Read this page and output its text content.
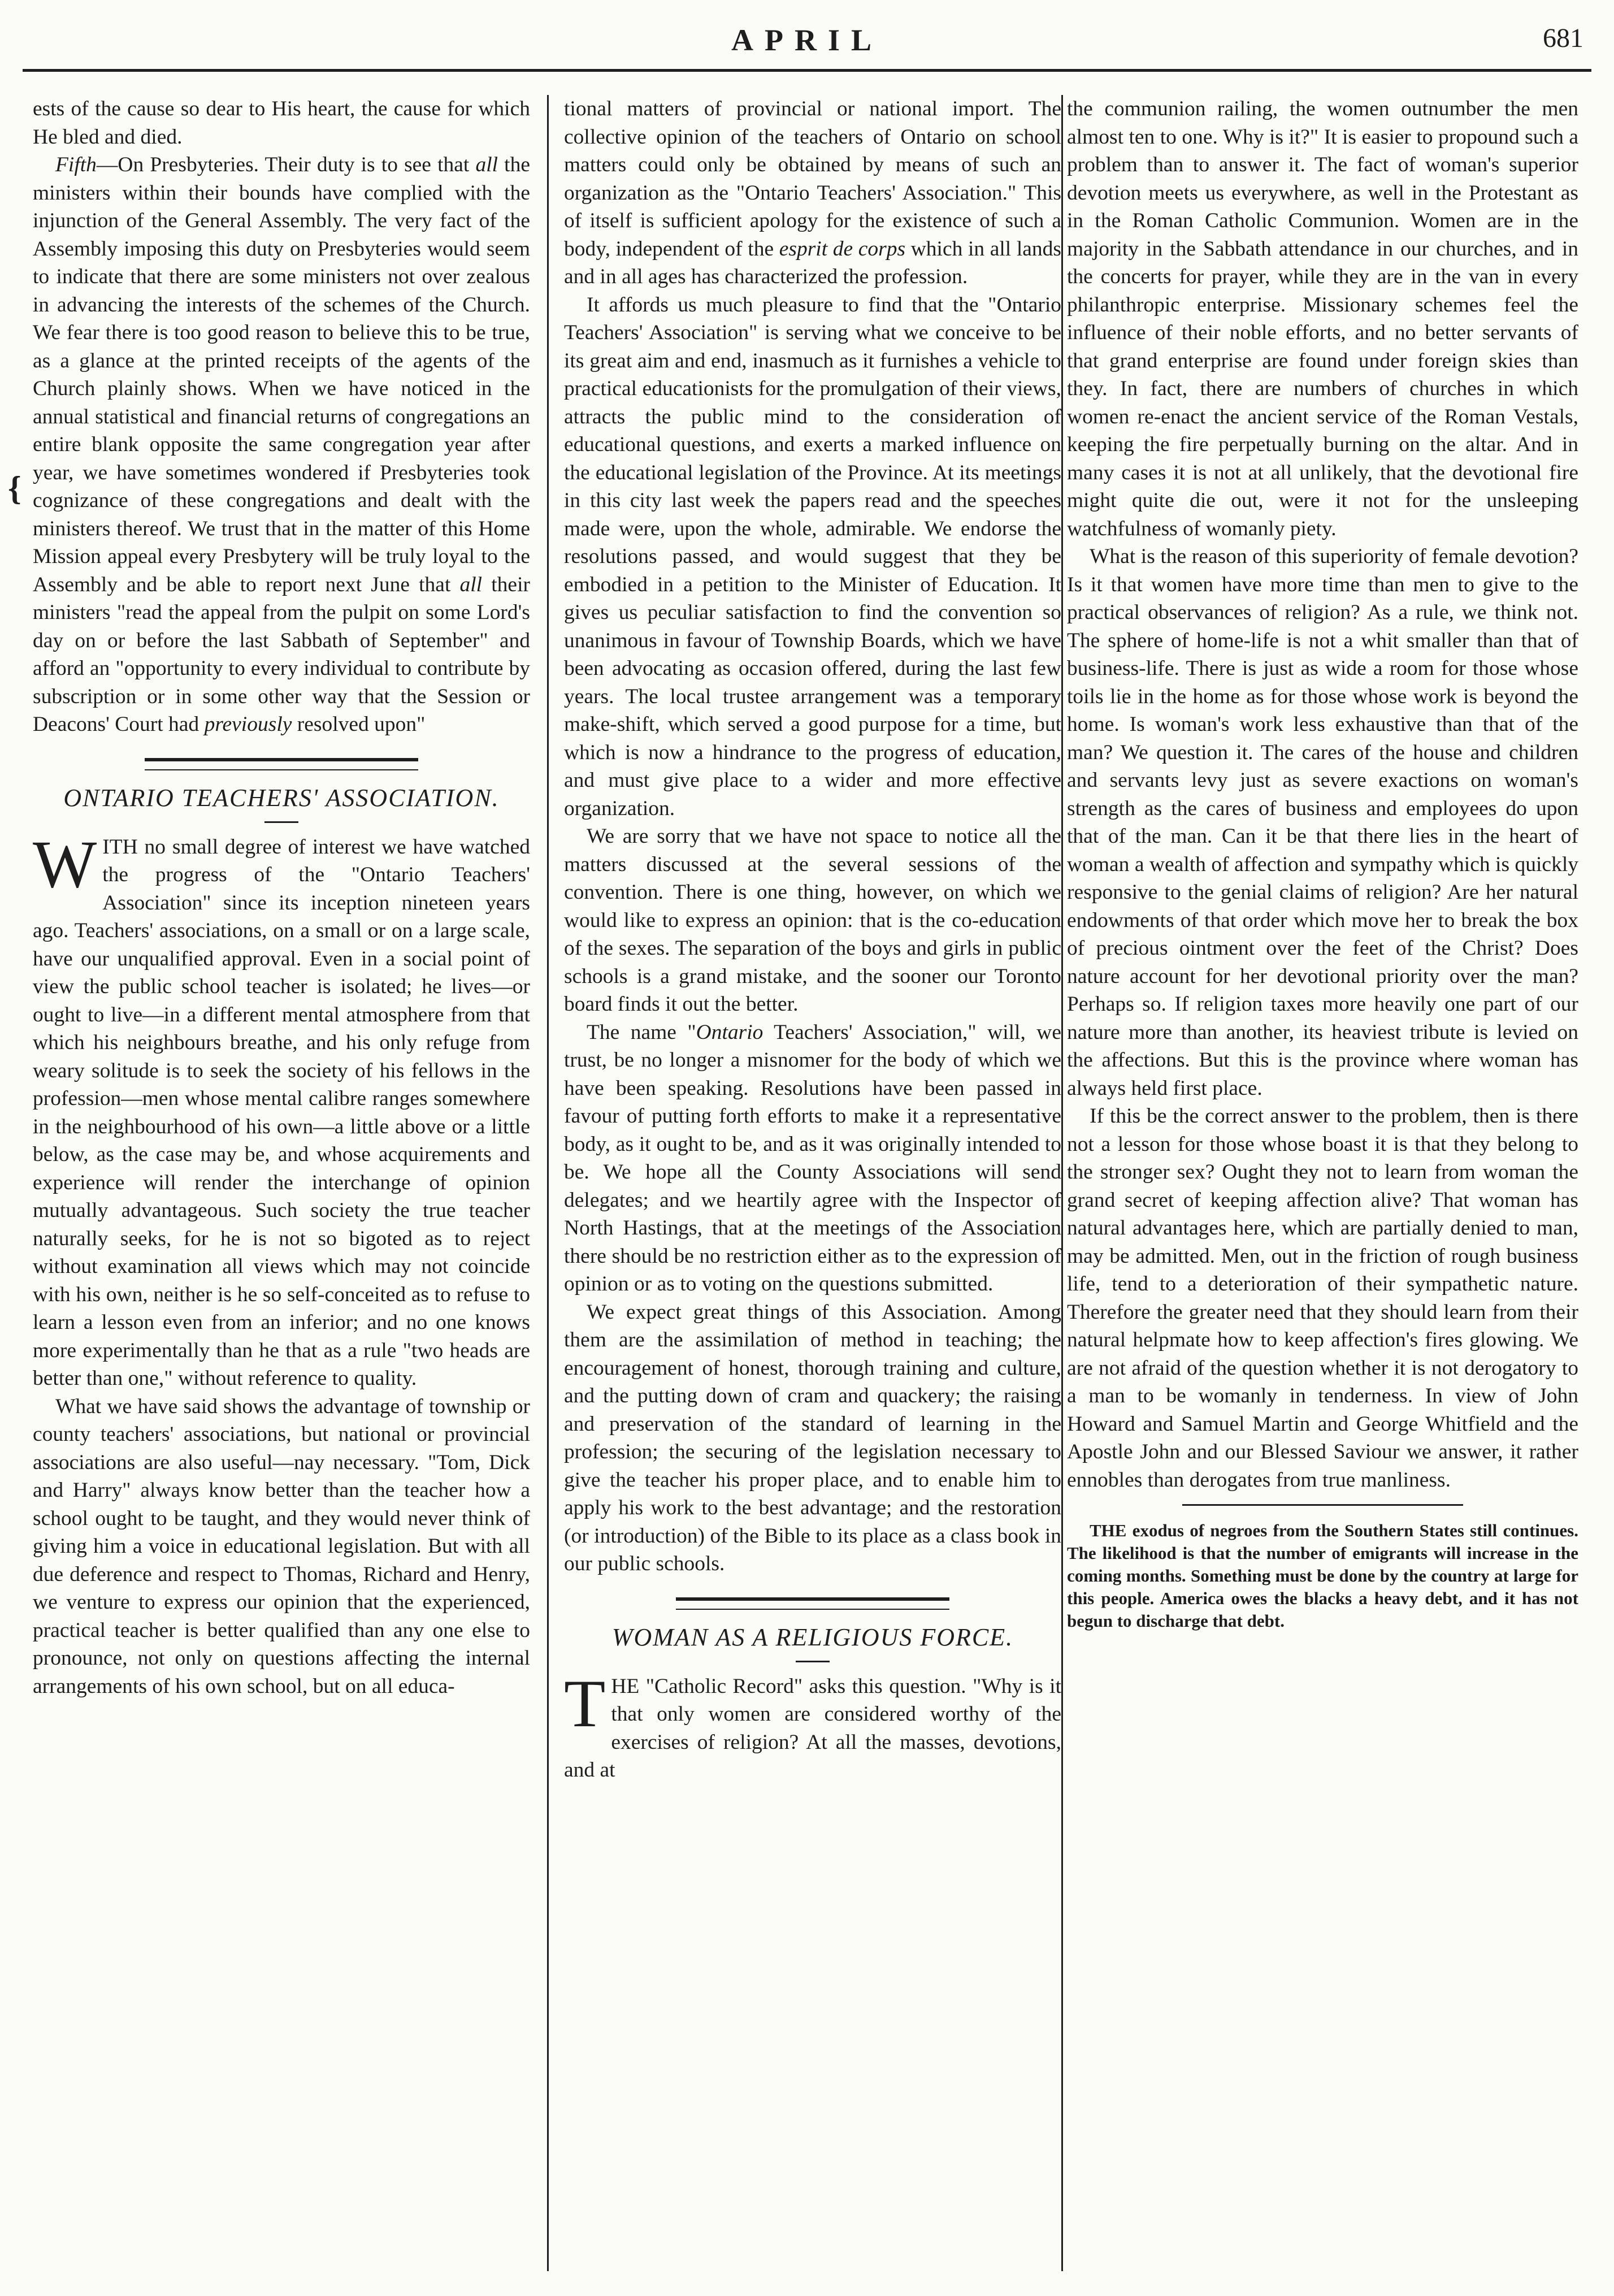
APRIL	681
{

ests of the cause so dear to His heart, the cause for which He bled and died.

Fifth—On Presbyteries. Their duty is to see that all the ministers within their bounds have complied with the injunction of the General Assembly. The very fact of the Assembly imposing this duty on Presbyteries would seem to indicate that there are some ministers not over zealous in advancing the interests of the schemes of the Church. We fear there is too good reason to believe this to be true, as a glance at the printed receipts of the agents of the Church plainly shows. When we have noticed in the annual statistical and financial returns of congregations an entire blank opposite the same congregation year after year, we have sometimes wondered if Presbyteries took cognizance of these congregations and dealt with the ministers thereof. We trust that in the matter of this Home Mission appeal every Presbytery will be truly loyal to the Assembly and be able to report next June that all their ministers "read the appeal from the pulpit on some Lord's day on or before the last Sabbath of September" and afford an "opportunity to every individual to contribute by subscription or in some other way that the Session or Deacons' Court had previously resolved upon"

ONTARIO TEACHERS' ASSOCIATION.

WITH no small degree of interest we have watched the progress of the "Ontario Teachers' Association" since its inception nineteen years ago. Teachers' associations, on a small or on a large scale, have our unqualified approval. Even in a social point of view the public school teacher is isolated; he lives—or ought to live—in a different mental atmosphere from that which his neighbours breathe, and his only refuge from weary solitude is to seek the society of his fellows in the profession—men whose mental calibre ranges somewhere in the neighbourhood of his own—a little above or a little below, as the case may be, and whose acquirements and experience will render the interchange of opinion mutually advantageous. Such society the true teacher naturally seeks, for he is not so bigoted as to reject without examination all views which may not coincide with his own, neither is he so self-conceited as to refuse to learn a lesson even from an inferior; and no one knows more experimentally than he that as a rule "two heads are better than one," without reference to quality.

What we have said shows the advantage of township or county teachers' associations, but national or provincial associations are also useful—nay necessary. "Tom, Dick and Harry" always know better than the teacher how a school ought to be taught, and they would never think of giving him a voice in educational legislation. But with all due deference and respect to Thomas, Richard and Henry, we venture to express our opinion that the experienced, practical teacher is better qualified than any one else to pronounce, not only on questions affecting the internal arrangements of his own school, but on all educa-

tional matters of provincial or national import. The collective opinion of the teachers of Ontario on school matters could only be obtained by means of such an organization as the "Ontario Teachers' Association." This of itself is sufficient apology for the existence of such a body, independent of the esprit de corps which in all lands and in all ages has characterized the profession.

It affords us much pleasure to find that the "Ontario Teachers' Association" is serving what we conceive to be its great aim and end, inasmuch as it furnishes a vehicle to practical educationists for the promulgation of their views, attracts the public mind to the consideration of educational questions, and exerts a marked influence on the educational legislation of the Province. At its meetings in this city last week the papers read and the speeches made were, upon the whole, admirable. We endorse the resolutions passed, and would suggest that they be embodied in a petition to the Minister of Education. It gives us peculiar satisfaction to find the convention so unanimous in favour of Township Boards, which we have been advocating as occasion offered, during the last few years. The local trustee arrangement was a temporary make-shift, which served a good purpose for a time, but which is now a hindrance to the progress of education, and must give place to a wider and more effective organization.

We are sorry that we have not space to notice all the matters discussed at the several sessions of the convention. There is one thing, however, on which we would like to express an opinion: that is the co-education of the sexes. The separation of the boys and girls in public schools is a grand mistake, and the sooner our Toronto board finds it out the better.

The name "Ontario Teachers' Association," will, we trust, be no longer a misnomer for the body of which we have been speaking. Resolutions have been passed in favour of putting forth efforts to make it a representative body, as it ought to be, and as it was originally intended to be. We hope all the County Associations will send delegates; and we heartily agree with the Inspector of North Hastings, that at the meetings of the Association there should be no restriction either as to the expression of opinion or as to voting on the questions submitted.

We expect great things of this Association. Among them are the assimilation of method in teaching; the encouragement of honest, thorough training and culture, and the putting down of cram and quackery; the raising and preservation of the standard of learning in the profession; the securing of the legislation necessary to give the teacher his proper place, and to enable him to apply his work to the best advantage; and the restoration (or introduction) of the Bible to its place as a class book in our public schools.

WOMAN AS A RELIGIOUS FORCE.

THE "Catholic Record" asks this question. "Why is it that only women are considered worthy of the exercises of religion? At all the masses, devotions, and at

the communion railing, the women outnumber the men almost ten to one. Why is it?" It is easier to propound such a problem than to answer it. The fact of woman's superior devotion meets us everywhere, as well in the Protestant as in the Roman Catholic Communion. Women are in the majority in the Sabbath attendance in our churches, and in the concerts for prayer, while they are in the van in every philanthropic enterprise. Missionary schemes feel the influence of their noble efforts, and no better servants of that grand enterprise are found under foreign skies than they. In fact, there are numbers of churches in which women re-enact the ancient service of the Roman Vestals, keeping the fire perpetually burning on the altar. And in many cases it is not at all unlikely, that the devotional fire might quite die out, were it not for the unsleeping watchfulness of womanly piety.

What is the reason of this superiority of female devotion? Is it that women have more time than men to give to the practical observances of religion? As a rule, we think not. The sphere of home-life is not a whit smaller than that of business-life. There is just as wide a room for those whose toils lie in the home as for those whose work is beyond the home. Is woman's work less exhaustive than that of the man? We question it. The cares of the house and children and servants levy just as severe exactions on woman's strength as the cares of business and employees do upon that of the man. Can it be that there lies in the heart of woman a wealth of affection and sympathy which is quickly responsive to the genial claims of religion? Are her natural endowments of that order which move her to break the box of precious ointment over the feet of the Christ? Does nature account for her devotional priority over the man? Perhaps so. If religion taxes more heavily one part of our nature more than another, its heaviest tribute is levied on the affections. But this is the province where woman has always held first place.

If this be the correct answer to the problem, then is there not a lesson for those whose boast it is that they belong to the stronger sex? Ought they not to learn from woman the grand secret of keeping affection alive? That woman has natural advantages here, which are partially denied to man, may be admitted. Men, out in the friction of rough business life, tend to a deterioration of their sympathetic nature. Therefore the greater need that they should learn from their natural helpmate how to keep affection's fires glowing. We are not afraid of the question whether it is not derogatory to a man to be womanly in tenderness. In view of John Howard and Samuel Martin and George Whitfield and the Apostle John and our Blessed Saviour we answer, it rather ennobles than derogates from true manliness.

THE exodus of negroes from the Southern States still continues. The likelihood is that the number of emigrants will increase in the coming months. Something must be done by the country at large for this people. America owes the blacks a heavy debt, and it has not begun to discharge that debt.
